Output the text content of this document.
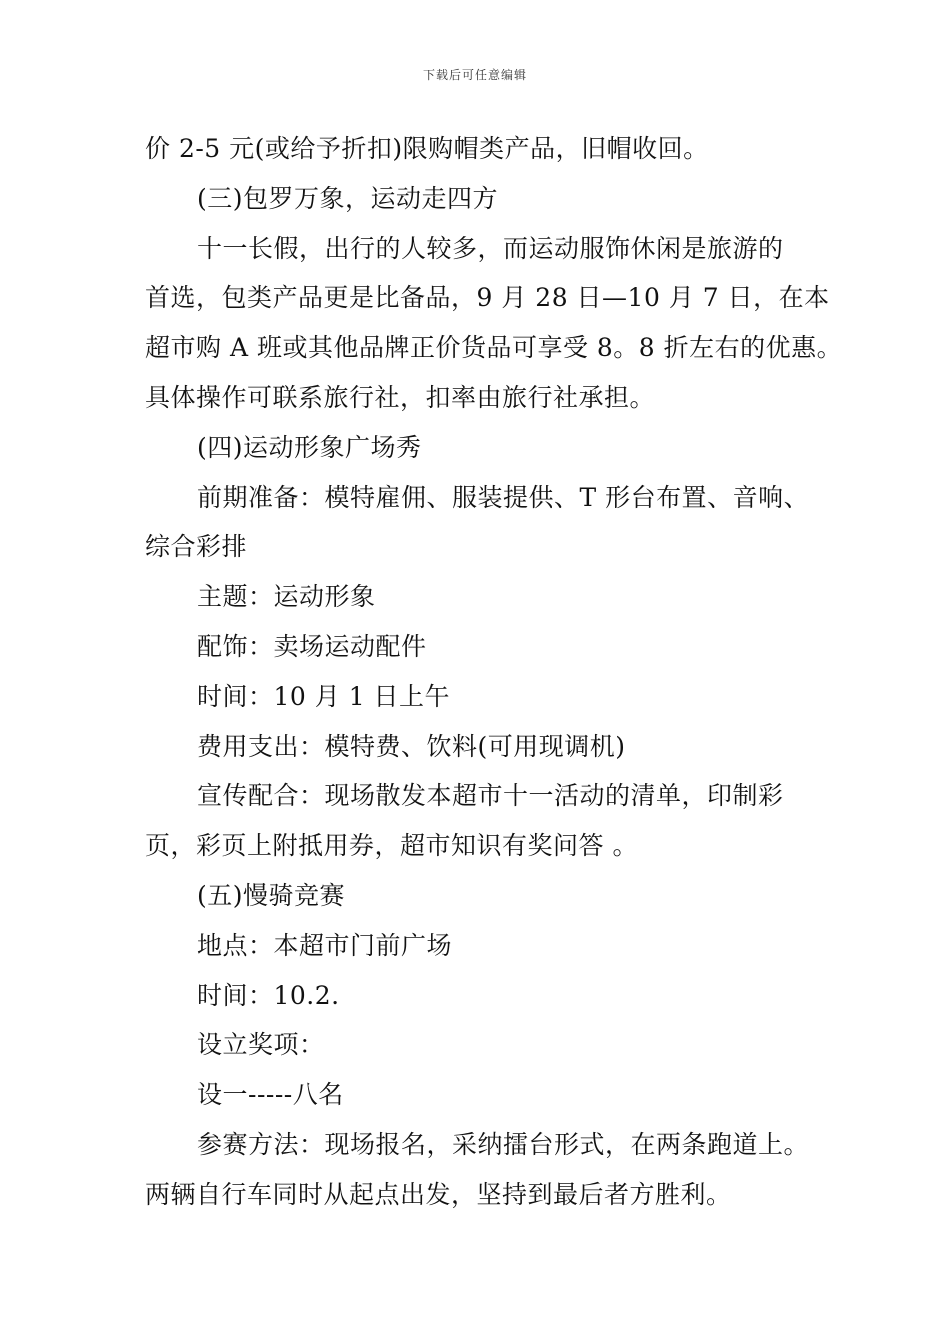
下载后可任意编辑
价 2-5 元(或给予折扣)限购帽类产品，旧帽收回。
(三)包罗万象，运动走四方
十一长假，出行的人较多，而运动服饰休闲是旅游的
首选，包类产品更是比备品，9 月 28 日—10 月 7 日，在本
超市购 A 班或其他品牌正价货品可享受 8。8 折左右的优惠。
具体操作可联系旅行社，扣率由旅行社承担。
(四)运动形象广场秀
前期准备：模特雇佣、服装提供、T 形台布置、音响、
综合彩排
主题：运动形象
配饰：卖场运动配件
时间：10 月 1 日上午
费用支出：模特费、饮料(可用现调机)
宣传配合：现场散发本超市十一活动的清单，印制彩
页，彩页上附抵用券，超市知识有奖问答 。
(五)慢骑竞赛
地点：本超市门前广场
时间：10.2.
设立奖项：
设一-----八名
参赛方法：现场报名，采纳擂台形式，在两条跑道上。
两辆自行车同时从起点出发，坚持到最后者方胜利。
